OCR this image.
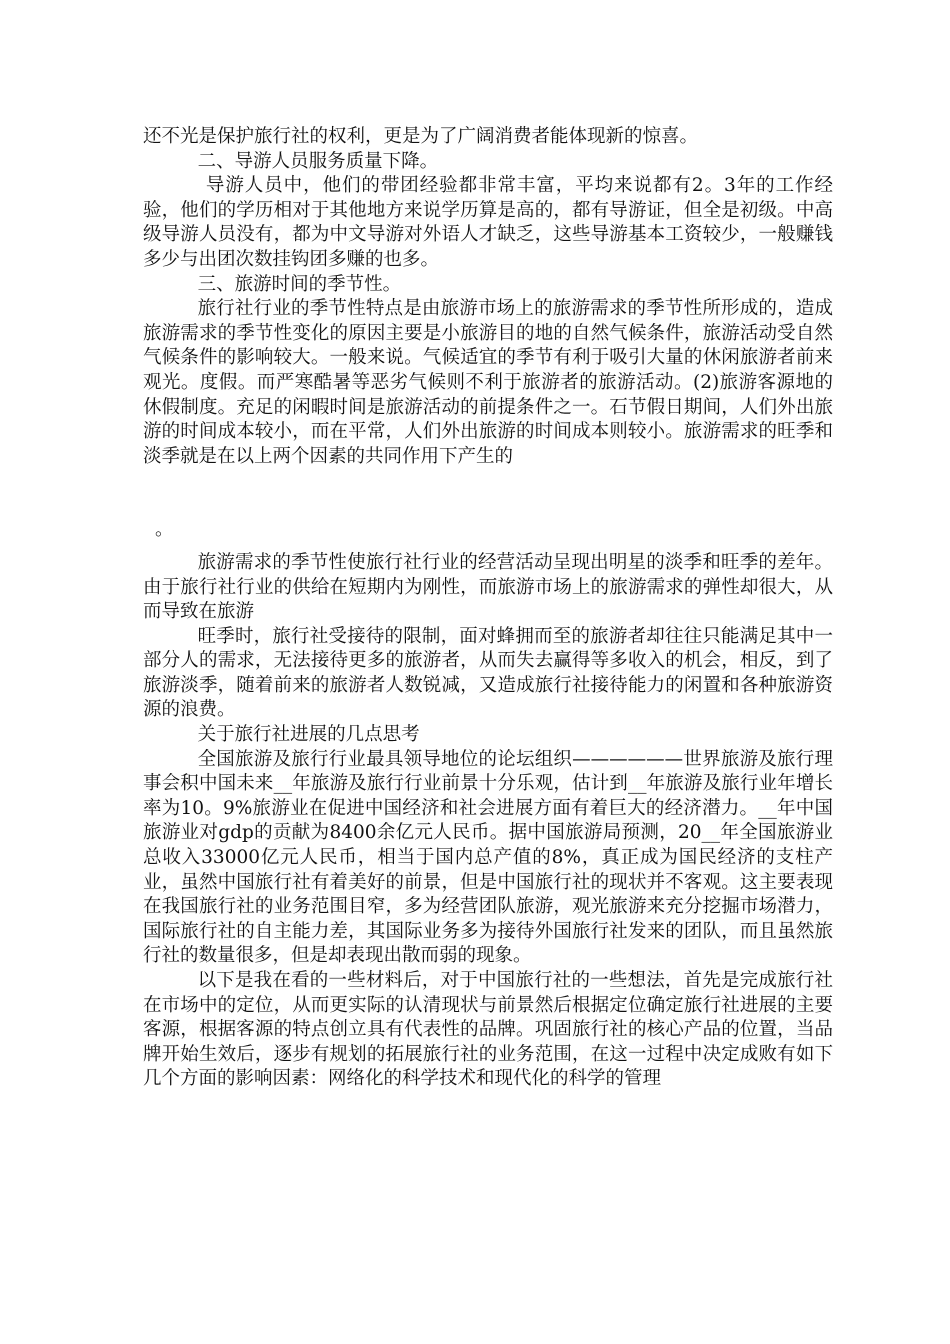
还不光是保护旅行社的权利，更是为了广阔消费者能体现新的惊喜。

二、导游人员服务质量下降。

导游人员中，他们的带团经验都非常丰富，平均来说都有2。3年的工作经验，他们的学历相对于其他地方来说学历算是高的，都有导游证，但全是初级。中高级导游人员没有，都为中文导游对外语人才缺乏，这些导游基本工资较少，一般赚钱多少与出团次数挂钩团多赚的也多。

三、旅游时间的季节性。

旅行社行业的季节性特点是由旅游市场上的旅游需求的季节性所形成的，造成旅游需求的季节性变化的原因主要是小旅游目的地的自然气候条件，旅游活动受自然气候条件的影响较大。一般来说。气候适宜的季节有利于吸引大量的休闲旅游者前来观光。度假。而严寒酷暑等恶劣气候则不利于旅游者的旅游活动。(2)旅游客源地的休假制度。充足的闲暇时间是旅游活动的前提条件之一。石节假日期间，人们外出旅游的时间成本较小，而在平常，人们外出旅游的时间成本则较小。旅游需求的旺季和淡季就是在以上两个因素的共同作用下产生的

。

旅游需求的季节性使旅行社行业的经营活动呈现出明星的淡季和旺季的差年。由于旅行社行业的供给在短期内为刚性，而旅游市场上的旅游需求的弹性却很大，从而导致在旅游

旺季时，旅行社受接待的限制，面对蜂拥而至的旅游者却往往只能满足其中一部分人的需求，无法接待更多的旅游者，从而失去赢得等多收入的机会，相反，到了旅游淡季，随着前来的旅游者人数锐减，又造成旅行社接待能力的闲置和各种旅游资源的浪费。

关于旅行社进展的几点思考

全国旅游及旅行行业最具领导地位的论坛组织——————世界旅游及旅行理事会积中国未来__年旅游及旅行行业前景十分乐观，估计到__年旅游及旅行业年增长率为10。9%旅游业在促进中国经济和社会进展方面有着巨大的经济潜力。__年中国旅游业对gdp的贡献为8400余亿元人民币。据中国旅游局预测，20__年全国旅游业总收入33000亿元人民币，相当于国内总产值的8%，真正成为国民经济的支柱产业，虽然中国旅行社有着美好的前景，但是中国旅行社的现状并不客观。这主要表现在我国旅行社的业务范围目窄，多为经营团队旅游，观光旅游来充分挖掘市场潜力，国际旅行社的自主能力差，其国际业务多为接待外国旅行社发来的团队，而且虽然旅行社的数量很多，但是却表现出散而弱的现象。

以下是我在看的一些材料后，对于中国旅行社的一些想法，首先是完成旅行社在市场中的定位，从而更实际的认清现状与前景然后根据定位确定旅行社进展的主要客源，根据客源的特点创立具有代表性的品牌。巩固旅行社的核心产品的位置，当品牌开始生效后，逐步有规划的拓展旅行社的业务范围，在这一过程中决定成败有如下几个方面的影响因素：网络化的科学技术和现代化的科学的管理
